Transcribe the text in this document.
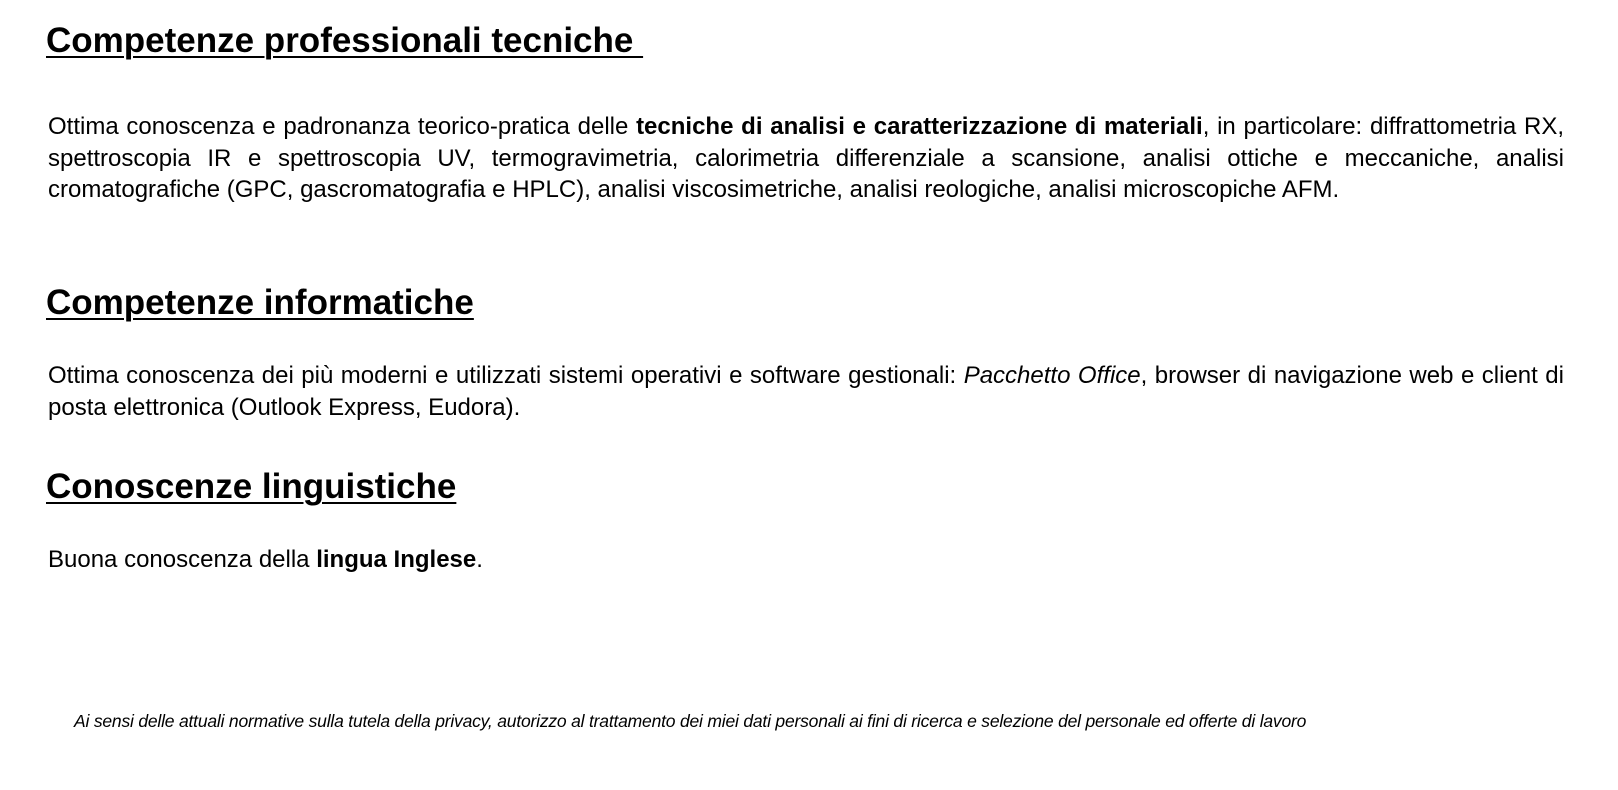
Competenze professionali tecniche

Ottima conoscenza e padronanza teorico-pratica delle tecniche di analisi e caratterizzazione di materiali, in particolare: diffrattometria RX, spettroscopia IR e spettroscopia UV, termogravimetria, calorimetria differenziale a scansione, analisi ottiche e meccaniche, analisi cromatografiche (GPC, gascromatografia e HPLC), analisi viscosimetriche, analisi reologiche, analisi microscopiche AFM.

Competenze informatiche

Ottima conoscenza dei più moderni e utilizzati sistemi operativi e software gestionali: Pacchetto Office, browser di navigazione web e client di posta elettronica (Outlook Express, Eudora).

Conoscenze linguistiche

Buona conoscenza della lingua Inglese.

Ai sensi delle attuali normative sulla tutela della privacy, autorizzo al trattamento dei miei dati personali ai fini di ricerca e selezione del personale ed offerte di lavoro
